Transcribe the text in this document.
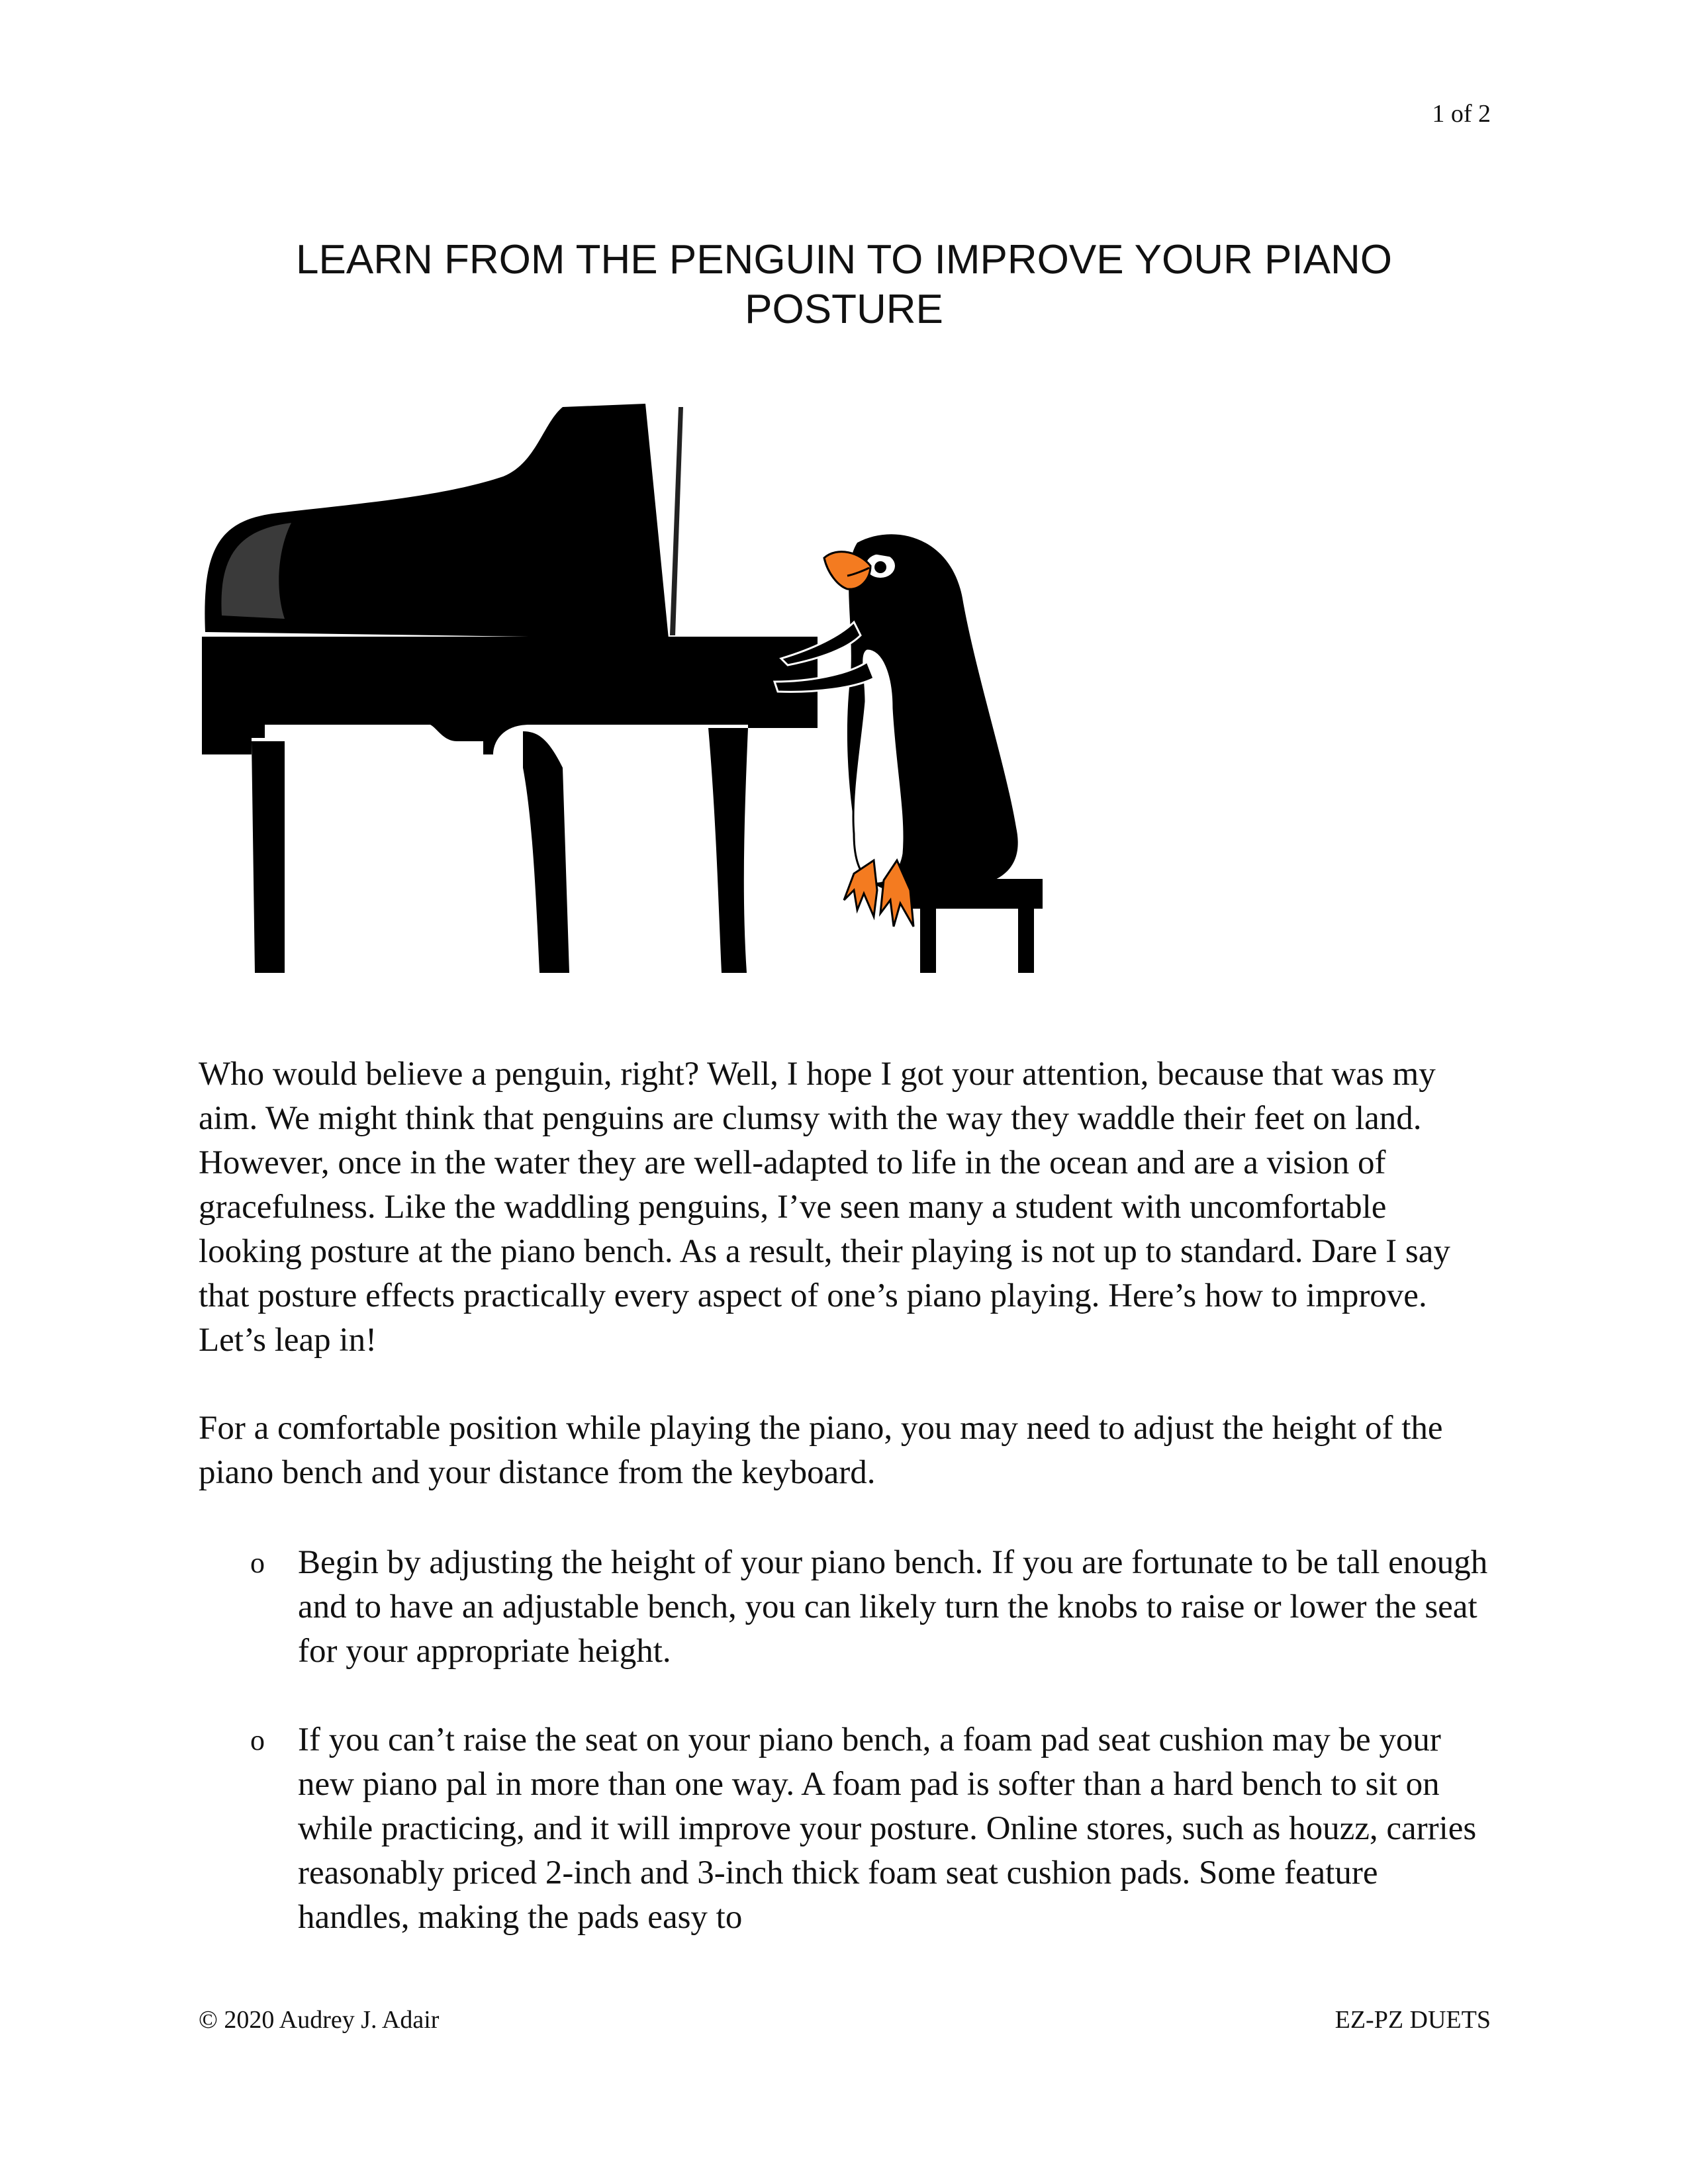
1 of 2
LEARN FROM THE PENGUIN TO IMPROVE YOUR PIANO POSTURE

Who would believe a penguin, right? Well, I hope I got your attention, because that was my aim. We might think that penguins are clumsy with the way they waddle their feet on land. However, once in the water they are well-adapted to life in the ocean and are a vision of gracefulness. Like the waddling penguins, I’ve seen many a student with uncomfortable looking posture at the piano bench. As a result, their playing is not up to standard. Dare I say that posture effects practically every aspect of one’s piano playing. Here’s how to improve. Let’s leap in!

For a comfortable position while playing the piano, you may need to adjust the height of the piano bench and your distance from the keyboard.

o Begin by adjusting the height of your piano bench. If you are fortunate to be tall enough and to have an adjustable bench, you can likely turn the knobs to raise or lower the seat for your appropriate height.
o If you can’t raise the seat on your piano bench, a foam pad seat cushion may be your new piano pal in more than one way. A foam pad is softer than a hard bench to sit on while practicing, and it will improve your posture. Online stores, such as houzz, carries reasonably priced 2-inch and 3-inch thick foam seat cushion pads. Some feature handles, making the pads easy to
© 2020 Audrey J. Adair	EZ-PZ DUETS
